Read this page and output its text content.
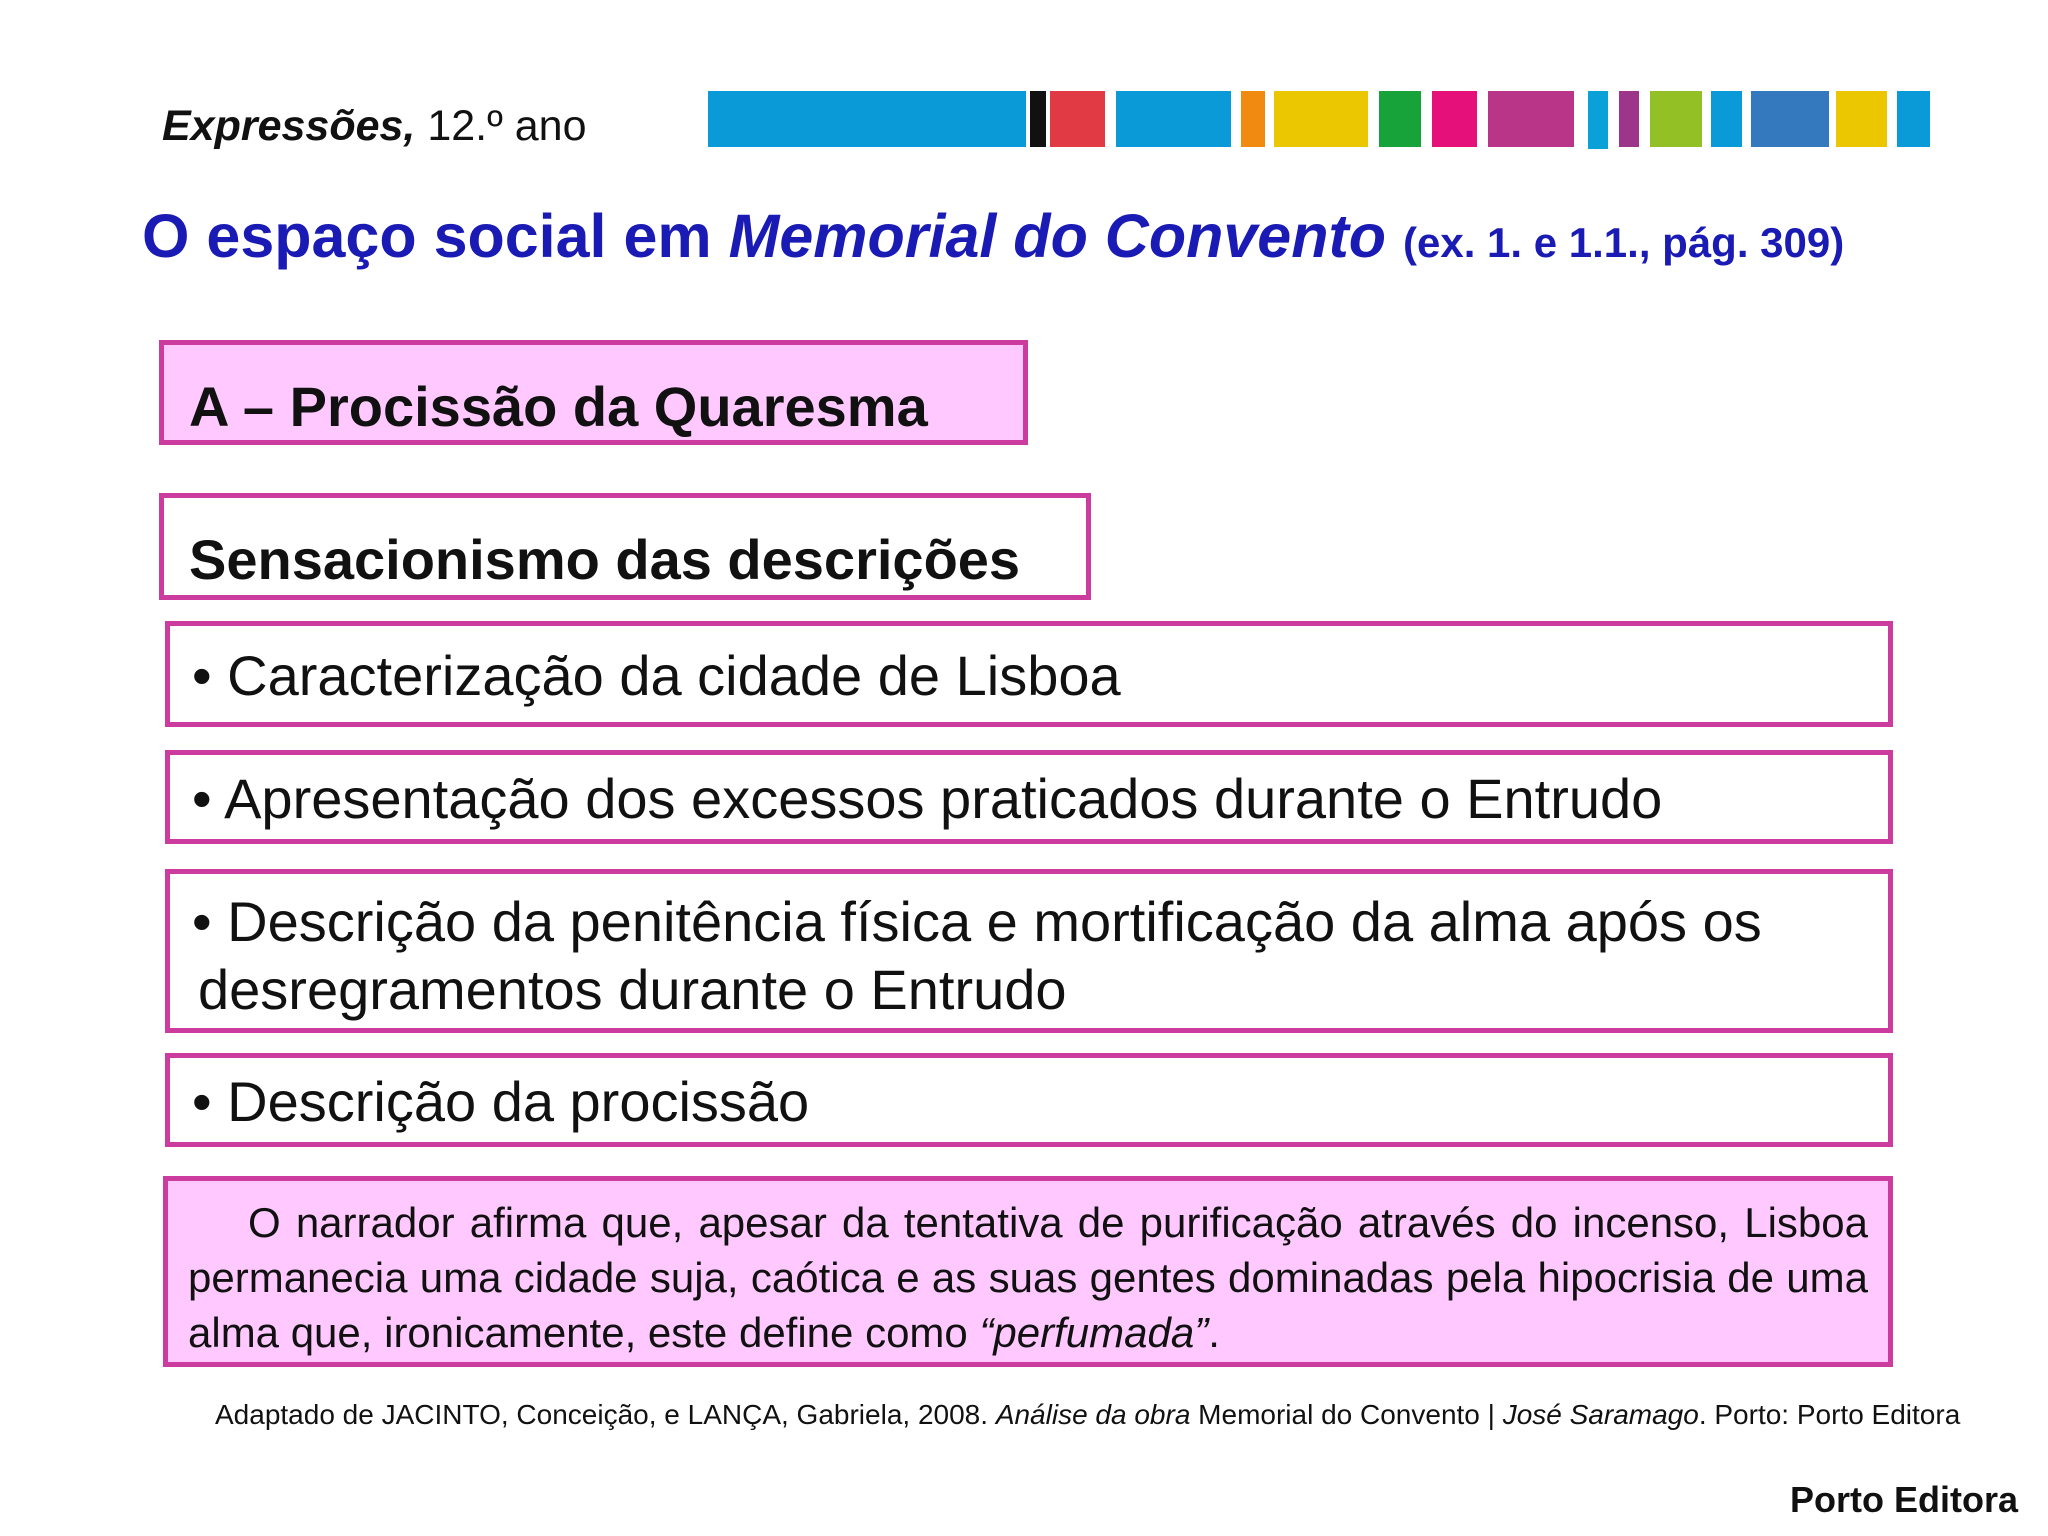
Expressões, 12.º ano
O espaço social em Memorial do Convento (ex. 1. e 1.1., pág. 309)
A – Procissão da Quaresma
Sensacionismo das descrições
• Caracterização da cidade de Lisboa
• Apresentação dos excessos praticados durante o Entrudo
• Descrição da penitência física e mortificação da alma após os
desregramentos durante o Entrudo
• Descrição da procissão
O narrador afirma que, apesar da tentativa de purificação através do incenso, Lisboa permanecia uma cidade suja, caótica e as suas gentes dominadas pela hipocrisia de uma alma que, ironicamente, este define como “perfumada”.
Adaptado de JACINTO, Conceição, e LANÇA, Gabriela, 2008. Análise da obra Memorial do Convento | José Saramago. Porto: Porto Editora
Porto Editora
